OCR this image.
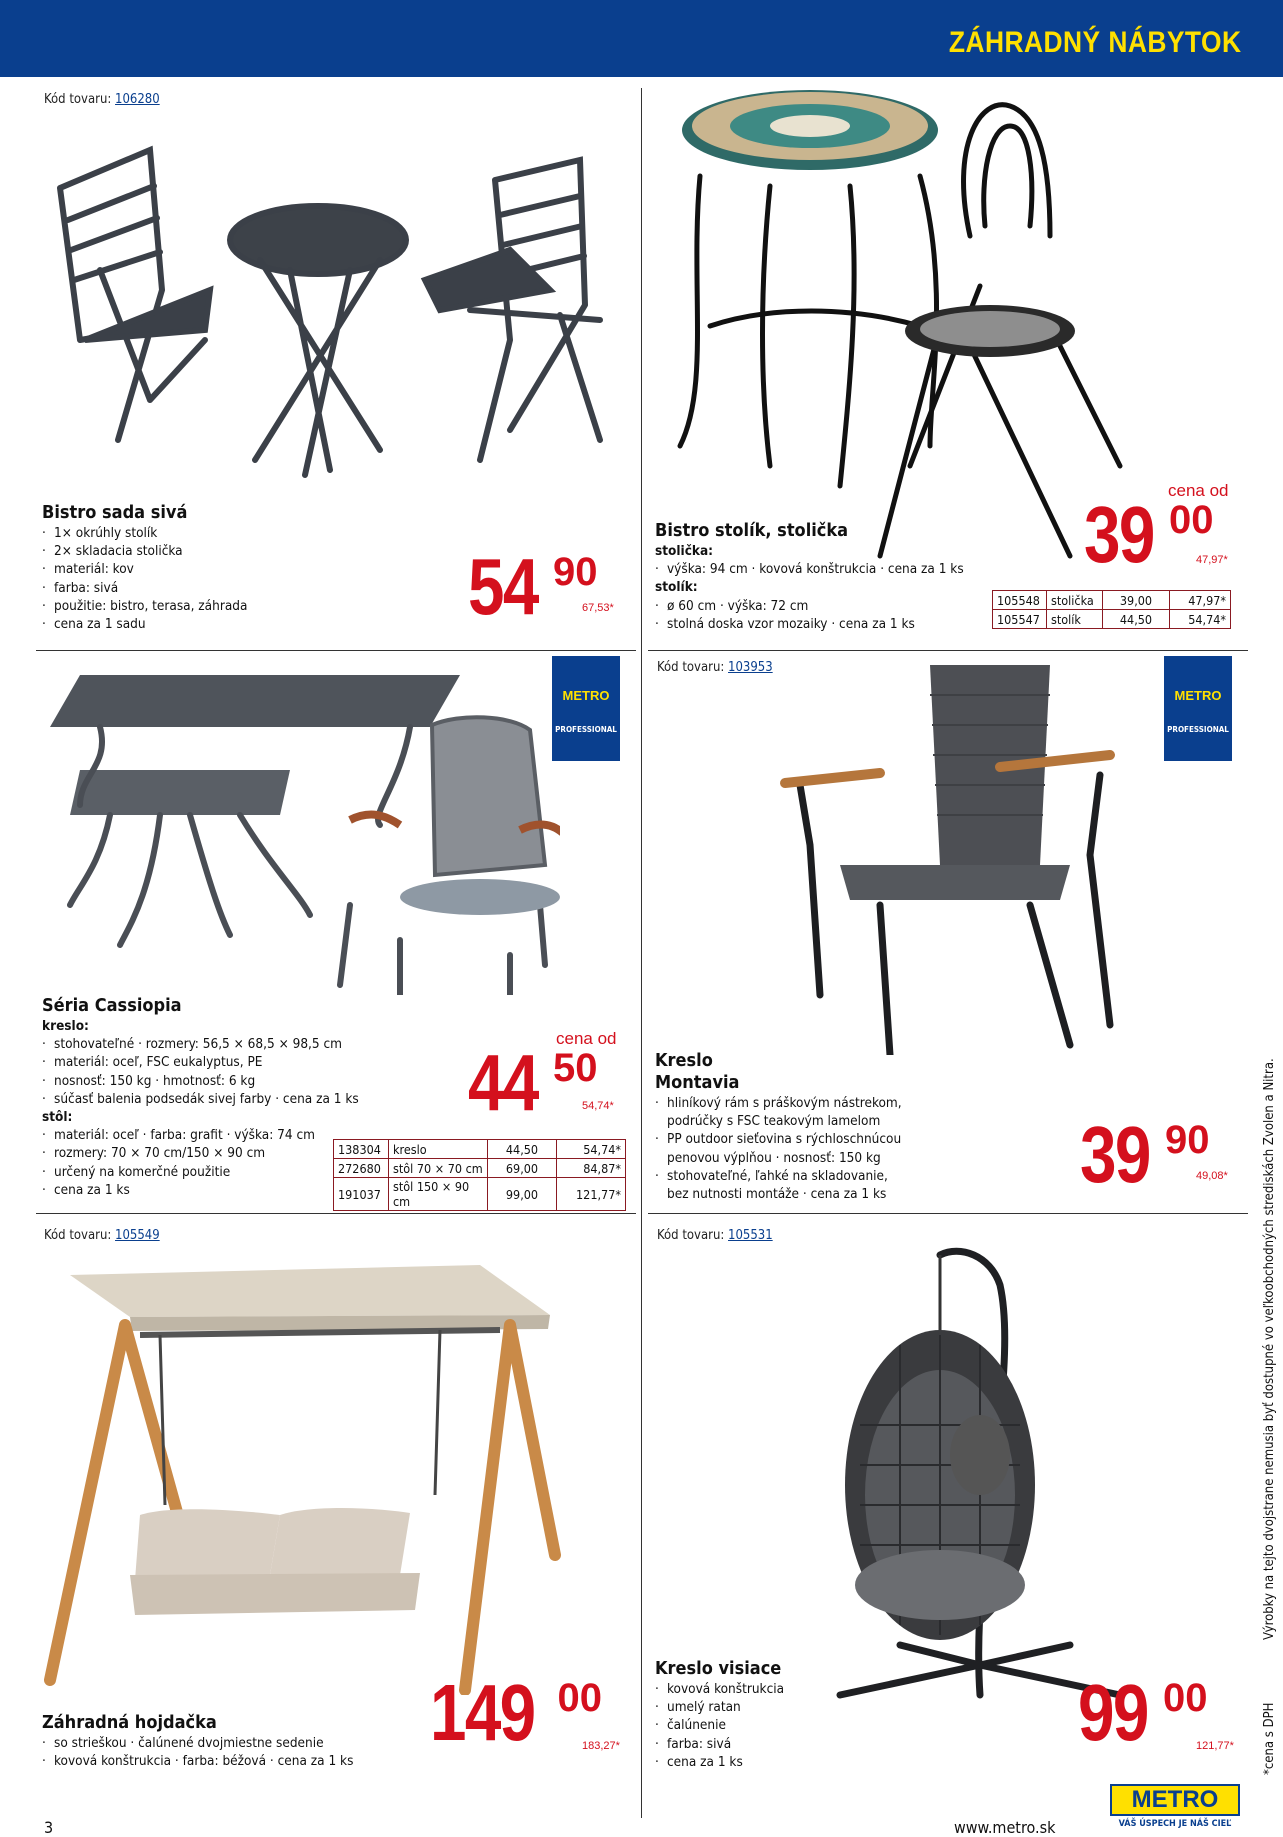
ZÁHRADNÝ NÁBYTOK
Kód tovaru: 106280
Bistro sada sivá
· 1× okrúhly stolík
· 2× skladacia stolička
· materiál: kov
· farba: sivá
· použitie: bistro, terasa, záhrada
· cena za 1 sadu	54 90
67,53*
cena od
39 00
47,97*
Bistro stolík, stolička
stolička:
· výška: 94 cm · kovová konštrukcia · cena za 1 ks
stolík:
· ø 60 cm · výška: 72 cm
· stolná doska vzor mozaiky · cena za 1 ks
105548	stolička	39,00	47,97*
105547	stolík	44,50	54,74*
METRO
PROFESSIONAL
Séria Cassiopia
kreslo:
· stohovateľné · rozmery: 56,5 × 68,5 × 98,5 cm
· materiál: oceľ, FSC eukalyptus, PE
· nosnosť: 150 kg · hmotnosť: 6 kg
· súčasť balenia podsedák sivej farby · cena za 1 ks
stôl:
· materiál: oceľ · farba: grafit · výška: 74 cm
· rozmery: 70 × 70 cm/150 × 90 cm
· určený na komerčné použitie
· cena za 1 ks
cena od
44 50
54,74*
138304	kreslo	44,50	54,74*
272680	stôl 70 × 70 cm	69,00	84,87*
191037	stôl 150 × 90 cm	99,00	121,77*
Kód tovaru: 103953
METRO
PROFESSIONAL
Kreslo
Montavia
· hliníkový rám s práškovým nástrekom,
podrúčky s FSC teakovým lamelom
· PP outdoor sieťovina s rýchloschnúcou
penovou výplňou · nosnosť: 150 kg
· stohovateľné, ľahké na skladovanie,
bez nutnosti montáže · cena za 1 ks 39 90
49,08*
Kód tovaru: 105549
Záhradná hojdačka
· so strieškou · čalúnené dvojmiestne sedenie
· kovová konštrukcia · farba: béžová · cena za 1 ks
149 00
183,27*
Kód tovaru: 105531
Kreslo visiace
· kovová konštrukcia
· umelý ratan
· čalúnenie
· farba: sivá
· cena za 1 ks
99 00
121,77*
Výrobky na tejto dvojstrane nemusia byť dostupné vo veľkoobchodných strediskách Zvolen a Nitra.
*cena s DPH
3	www.metro.sk
METRO
VÁŠ ÚSPECH JE NÁŠ CIEĽ
